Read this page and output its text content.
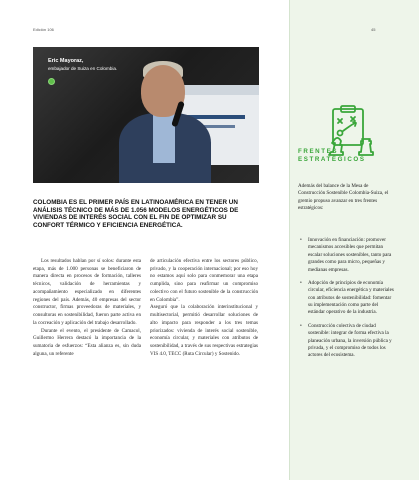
Edición 106
Eric Mayoraz,
embajador de Suiza en Colombia.
COLOMBIA ES EL PRIMER PAÍS EN LATINOAMÉRICA EN TENER UN ANÁLISIS TÉCNICO DE MÁS DE 1.056 MODELOS ENERGÉTICOS DE VIVIENDAS DE INTERÉS SOCIAL CON EL FIN DE OPTIMIZAR SU CONFORT TÉRMICO Y EFICIENCIA ENERGÉTICA.

Los resultados hablan por sí solos: durante esta etapa, más de 1.000 personas se beneficiaron de manera directa en procesos de formación, talleres técnicos, validación de herramientas y acompañamiento especializado en diferentes regiones del país. Además, 40 empresas del sector constructor, firmas proveedoras de materiales, y consultoras en sostenibilidad, fueron parte activa en la cocreación y aplicación del trabajo desarrollado.

Durante el evento, el presidente de Camacol, Guillermo Herrera destacó la importancia de la sumatoria de esfuerzos: “Esta alianza es, sin duda alguna, un referente

de articulación efectiva entre los sectores público, privado, y la cooperación internacional; por eso hoy no estamos aquí solo para conmemorar una etapa cumplida, sino para reafirmar un compromiso colectivo con el futuro sostenible de la construcción en Colombia”.

Aseguró que la colaboración interinstitucional y multisectorial, permitió desarrollar soluciones de alto impacto para responder a los tres temas priorizados: vivienda de interés social sostenible, economía circular, y materiales con atributos de sostenibilidad, a través de sus respectivas estrategias VIS 4.0, TECC (Ruta Circular) y Sostenido.

45
FRENTES ESTRATÉGICOS
Además del balance de la Mesa de Construcción Sostenible Colombia-Suiza, el gremio propuso avanzar en tres frentes estratégicos:
• Innovación en financiación: promover mecanismos accesibles que permitan escalar soluciones sostenibles, tanto para grandes como para micro, pequeñas y medianas empresas.
• Adopción de principios de economía circular, eficiencia energética y materiales con atributos de sostenibilidad: fomentar su implementación como parte del estándar operativo de la industria.
• Construcción colectiva de ciudad sostenible: integrar de forma efectiva la planeación urbana, la inversión pública y privada, y el compromiso de todos los actores del ecosistema.
